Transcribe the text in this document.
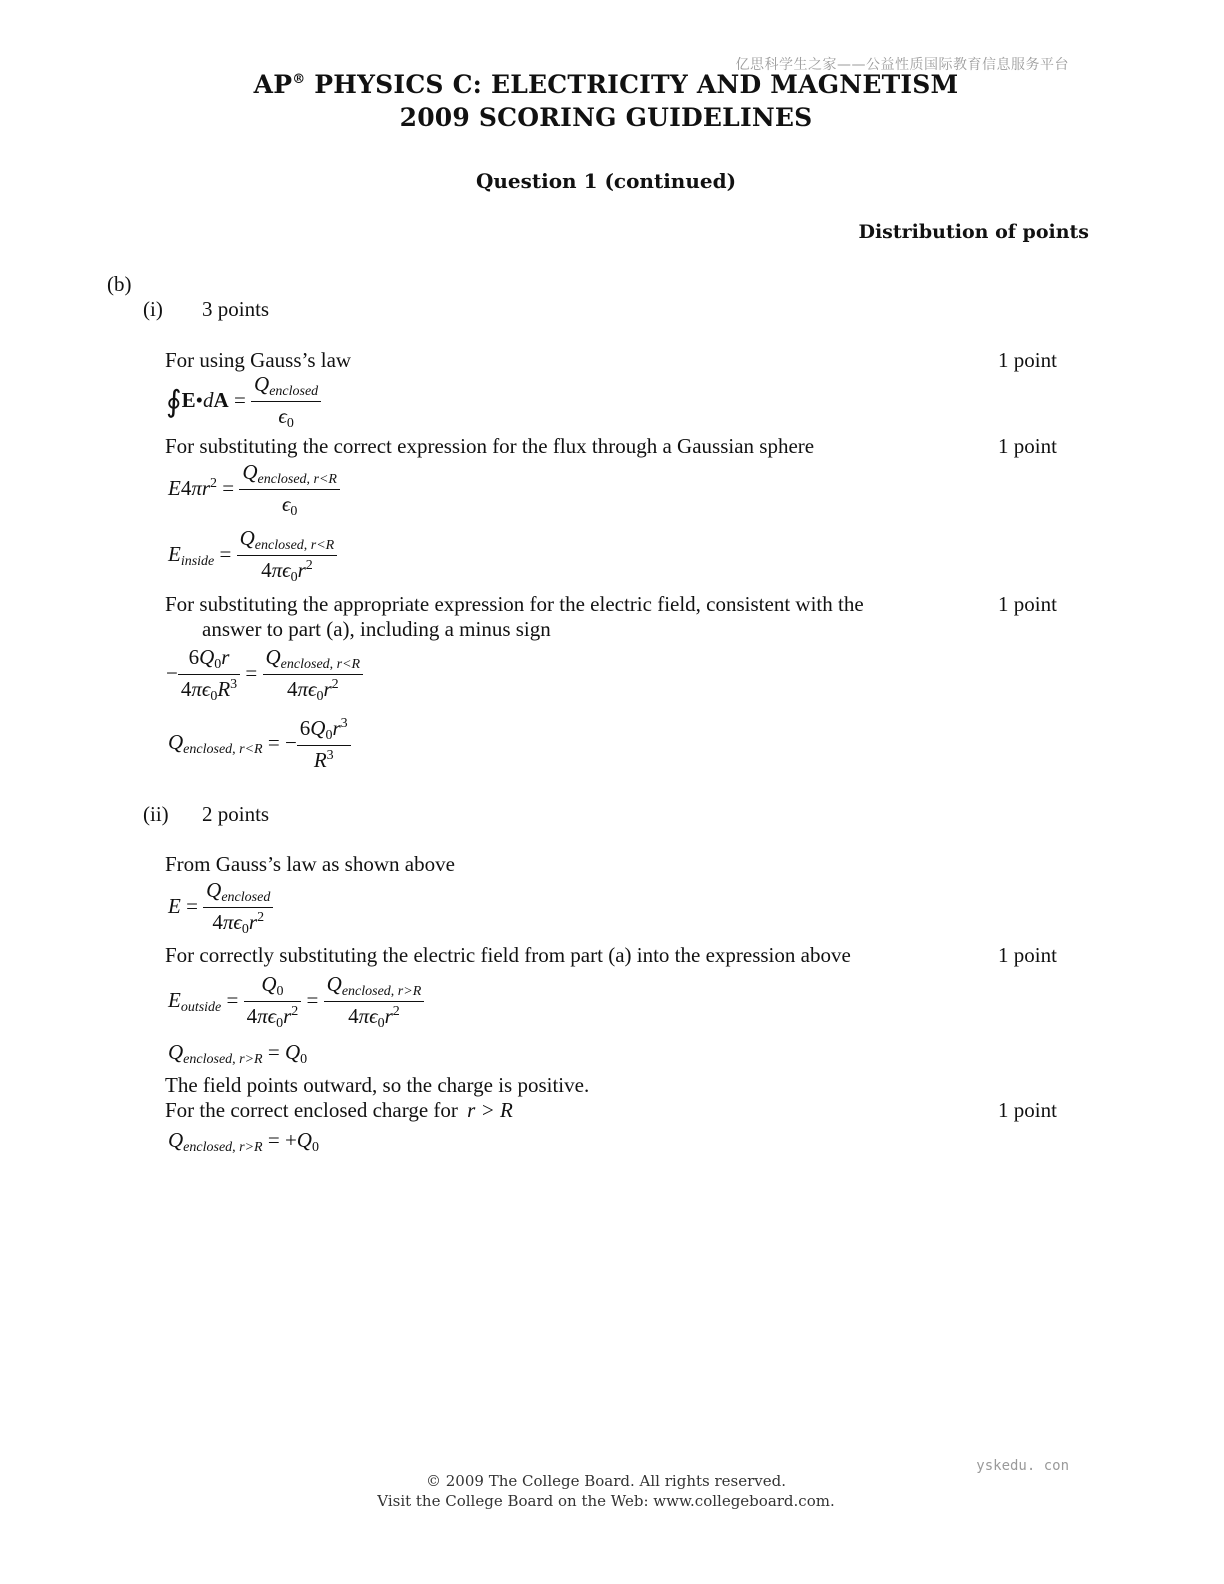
亿思科学生之家——公益性质国际教育信息服务平台
AP® PHYSICS C: ELECTRICITY AND MAGNETISM
2009 SCORING GUIDELINES
Question 1 (continued)
Distribution of points
(b)
(i) 3 points
For using Gauss’s law	1 point
∮E•dA = $\frac{Q_{enclosed}}{\epsilon_0}$
For substituting the correct expression for the flux through a Gaussian sphere	1 point
$E4\pi r^2 = \frac{Q_{enclosed,} _{r<R}}{\epsilon_0}$
$E_{inside} = \frac{Q_{enclosed,} _{r<R}}{4\pi\epsilon_0r^2}$
For substituting the appropriate expression for the electric field, consistent with the
answer to part (a), including a minus sign
1 point
− $\frac{6Q_0r}{4\pi\epsilon_0R^3} = \frac{Q_{enclosed,} _{r<R}}{4\pi\epsilon_0r^2}$
$Q_{enclosed,}$ $_{r<R}$ = − $\frac{6Q_0r^3}{R^3}$
(ii) 2 points
From Gauss’s law as shown above
$E = \frac{Q_{enclosed}}{4\pi\epsilon_0r^2}$
For correctly substituting the electric field from part (a) into the expression above	1 point
$E_{outside} = \frac{Q_0}{4\pi\epsilon_0r^2} = \frac{Q_{enclosed,} _{r>R}}{4\pi\epsilon_0r^2}$
$Q_{enclosed,}$ $_{r>R} = Q_0$
The field points outward, so the charge is positive.
For the correct enclosed charge for r > R	1 point
$Q_{enclosed,}$ $_{r>R} = +Q_0$
yskedu. con
© 2009 The College Board. All rights reserved.
Visit the College Board on the Web: www.collegeboard.com.
